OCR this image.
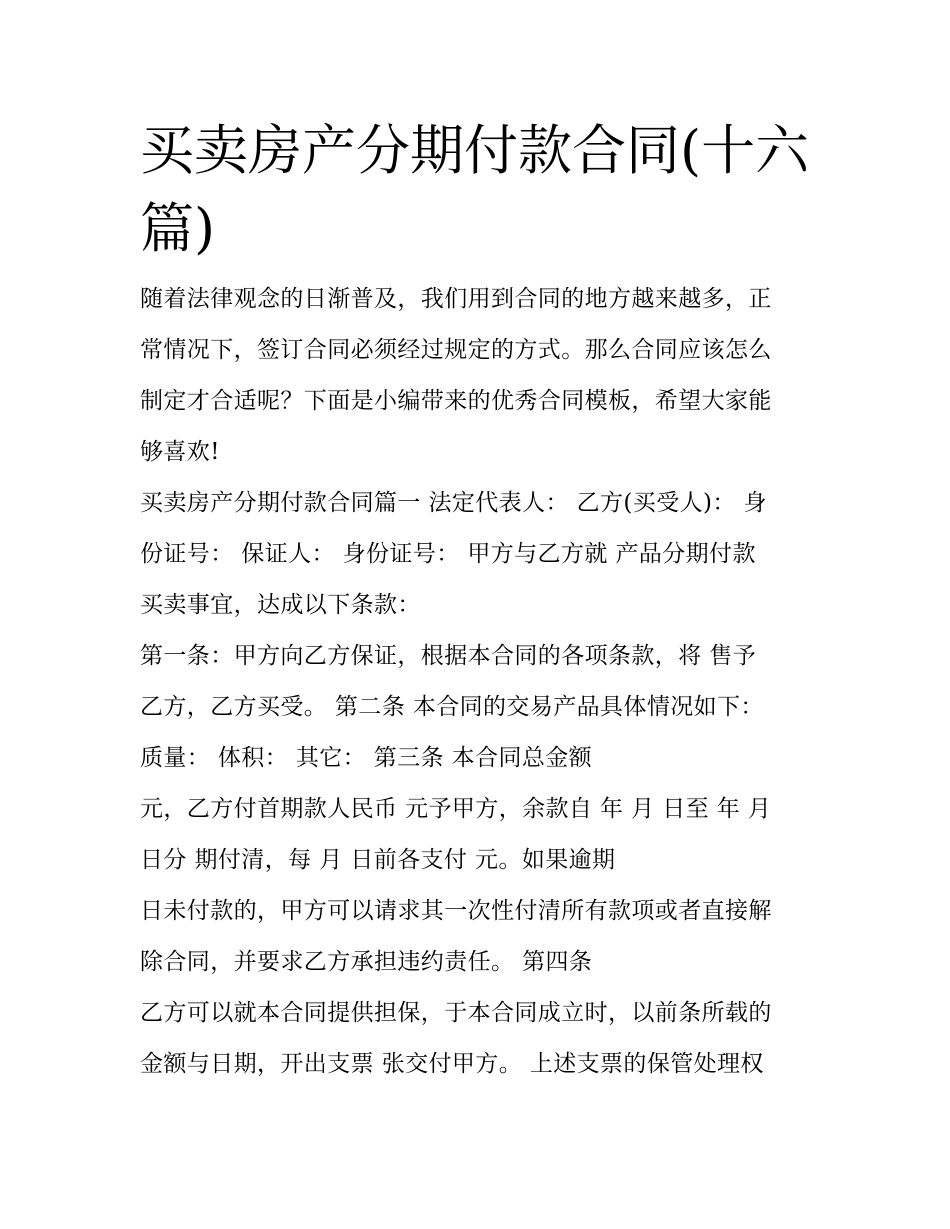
买卖房产分期付款合同(十六篇)
随着法律观念的日渐普及，我们用到合同的地方越来越多，正
常情况下，签订合同必须经过规定的方式。那么合同应该怎么
制定才合适呢？下面是小编带来的优秀合同模板，希望大家能
够喜欢!
买卖房产分期付款合同篇一 法定代表人： 乙方(买受人)： 身
份证号： 保证人： 身份证号： 甲方与乙方就 产品分期付款
买卖事宜，达成以下条款：
第一条：甲方向乙方保证，根据本合同的各项条款，将 售予
乙方，乙方买受。 第二条 本合同的交易产品具体情况如下：
质量： 体积： 其它： 第三条 本合同总金额
元，乙方付首期款人民币 元予甲方，余款自 年 月 日至 年 月
日分 期付清，每 月 日前各支付 元。如果逾期
日未付款的，甲方可以请求其一次性付清所有款项或者直接解
除合同，并要求乙方承担违约责任。 第四条
乙方可以就本合同提供担保，于本合同成立时，以前条所载的
金额与日期，开出支票 张交付甲方。 上述支票的保管处理权
